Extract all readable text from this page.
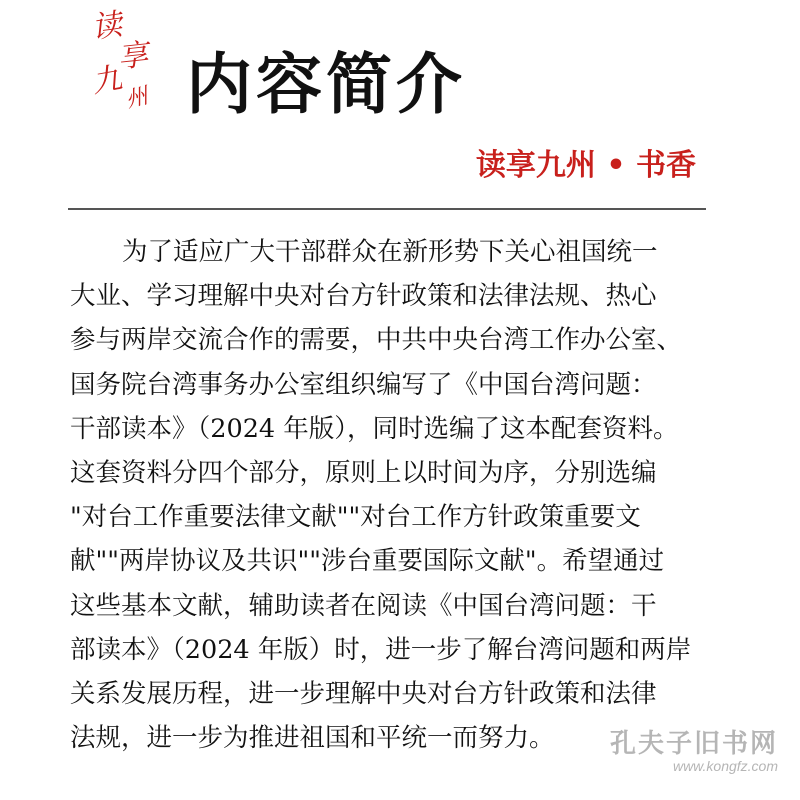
读
享
九
州 内容简介
读享九州 • 书香
为了适应广大干部群众在新形势下关心祖国统一
大业、学习理解中央对台方针政策和法律法规、热心
参与两岸交流合作的需要，中共中央台湾工作办公室、
国务院台湾事务办公室组织编写了《中国台湾问题：
干部读本》（2024 年版），同时选编了这本配套资料。
这套资料分四个部分，原则上以时间为序，分别选编
"对台工作重要法律文献""对台工作方针政策重要文
献""两岸协议及共识""涉台重要国际文献"。希望通过
这些基本文献，辅助读者在阅读《中国台湾问题：干
部读本》（2024 年版）时，进一步了解台湾问题和两岸
关系发展历程，进一步理解中央对台方针政策和法律
法规，进一步为推进祖国和平统一而努力。	孔夫子旧书网
www.kongfz.com
